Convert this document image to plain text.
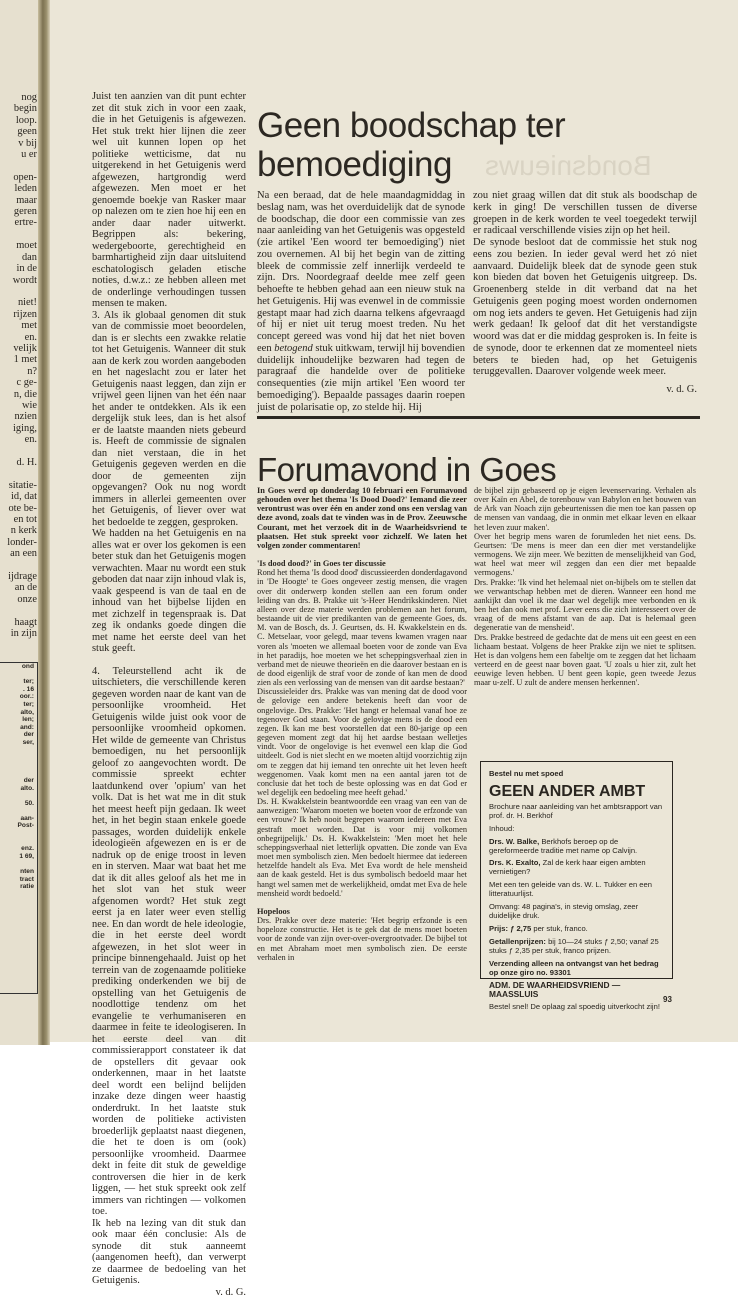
nog
begin
loop.
geen
v bij
u er

open-
leden
maar
geren
ertre-

moet
dan
in de
wordt

niet!
rijzen
met
en.
velijk
1 met
n?
c ge-
n, die
wie
nzien
iging,
en.

d. H.

sitatie-
id, dat
ote be-
en tot
n kerk
londer-
an een

ijdrage
an de
onze

haagt
in zijn

ond

ter;
. 16
oor.:
ter;
alto,
len;
and:
der
ser,

der
alto.

50.

aan-
Post-

enz.
1 69,

nten
tract
ratie
Bondsnieuws

Juist ten aanzien van dit punt echter zet dit stuk zich in voor een zaak, die in het Getuigenis is afgewezen. Het stuk trekt hier lijnen die zeer wel uit kunnen lopen op het politieke wetticisme, dat nu uitgerekend in het Getuigenis werd afgewezen, hartgrondig werd afgewezen. Men moet er het genoemde boekje van Rasker maar op nalezen om te zien hoe hij een en ander daar nader uitwerkt. Begrippen als: bekering, wedergeboorte, gerechtigheid en barmhartigheid zijn daar uitsluitend eschatologisch geladen etische noties, d.w.z.: ze hebben alleen met de onderlinge verhoudingen tussen mensen te maken.

3. Als ik globaal genomen dit stuk van de commissie moet beoordelen, dan is er slechts een zwakke relatie tot het Getuigenis. Wanneer dit stuk aan de kerk zou worden aangeboden en het nageslacht zou er later het Getuigenis naast leggen, dan zijn er vrijwel geen lijnen van het één naar het ander te ontdekken. Als ik een dergelijk stuk lees, dan is het alsof er de laatste maanden niets gebeurd is. Heeft de commissie de signalen dan niet verstaan, die in het Getuigenis gegeven werden en die door de gemeenten zijn opgevangen? Ook nu nog wordt immers in allerlei gemeenten over het Getuigenis, of liever over wat het bedoelde te zeggen, gesproken.

We hadden na het Getuigenis en na alles wat er over los gekomen is een beter stuk dan het Getuigenis mogen verwachten. Maar nu wordt een stuk geboden dat naar zijn inhoud vlak is, vaak gespeend is van de taal en de inhoud van het bijbelse lijden en met zichzelf in tegenspraak is. Dat zeg ik ondanks goede dingen die met name het eerste deel van het stuk geeft.

4. Teleurstellend acht ik de uitschieters, die verschillende keren gegeven worden naar de kant van de persoonlijke vroomheid. Het Getuigenis wilde juist ook voor de persoonlijke vroomheid opkomen. Het wilde de gemeente van Christus bemoedigen, nu het persoonlijk geloof zo aangevochten wordt. De commissie spreekt echter laatdunkend over 'opium' van het volk. Dat is het wat me in dit stuk het meest heeft pijn gedaan. Ik weet het, in het begin staan enkele goede passages, worden duidelijk enkele ideologieën afgewezen en is er de nadruk op de enige troost in leven en in sterven. Maar wat baat het me dat ik dit alles geloof als het me in het slot van het stuk weer afgenomen wordt? Het stuk zegt eerst ja en later weer even stellig nee. En dan wordt de hele ideologie, die in het eerste deel wordt afgewezen, in het slot weer in principe binnengehaald. Juist op het terrein van de zogenaamde politieke prediking onderkenden we bij de opstelling van het Getuigenis de noodlottige tendenz om het evangelie te verhumaniseren en daarmee in feite te ideologiseren. In het eerste deel van dit commissierapport constateer ik dat de opstellers dit gevaar ook onderkennen, maar in het laatste deel wordt een belijnd belijden inzake deze dingen weer haastig onderdrukt. In het laatste stuk worden de politieke activisten broederlijk geplaatst naast diegenen, die het te doen is om (ook) persoonlijke vroomheid. Daarmee dekt in feite dit stuk de geweldige controversen die hier in de kerk liggen, — het stuk spreekt ook zelf immers van richtingen — volkomen toe.

Ik heb na lezing van dit stuk dan ook maar één conclusie: Als de synode dit stuk aanneemt (aangenomen heeft), dan verwerpt ze daarmee de bedoeling van het Getuigenis.

v. d. G.

Geen boodschap ter bemoediging

Na een beraad, dat de hele maandagmiddag in beslag nam, was het overduidelijk dat de synode de boodschap, die door een commissie van zes naar aanleiding van het Getuigenis was opgesteld (zie artikel 'Een woord ter bemoediging') niet zou overnemen. Al bij het begin van de zitting bleek de commissie zelf innerlijk verdeeld te zijn. Drs. Noordegraaf deelde mee zelf geen behoefte te hebben gehad aan een nieuw stuk na het Getuigenis. Hij was evenwel in de commissie gestapt maar had zich daarna telkens afgevraagd of hij er niet uit terug moest treden. Nu het concept gereed was vond hij dat het niet boven een betogend stuk uitkwam, terwijl hij bovendien duidelijk inhoudelijke bezwaren had tegen de paragraaf die handelde over de politieke consequenties (zie mijn artikel 'Een woord ter bemoediging'). Bepaalde passages daarin roepen juist de polarisatie op, zo stelde hij. Hij

zou niet graag willen dat dit stuk als boodschap de kerk in ging! De verschillen tussen de diverse groepen in de kerk worden te veel toegedekt terwijl er radicaal verschillende visies zijn op het heil.

De synode besloot dat de commissie het stuk nog eens zou bezien. In ieder geval werd het zó niet aanvaard. Duidelijk bleek dat de synode geen stuk kon bieden dat boven het Getuigenis uitgreep. Ds. Groenenberg stelde in dit verband dat na het Getuigenis geen poging moest worden ondernomen om nog iets anders te geven. Het Getuigenis had zijn werk gedaan! Ik geloof dat dit het verstandigste woord was dat er die middag gesproken is. In feite is de synode, door te erkennen dat ze momenteel niets beters te bieden had, op het Getuigenis teruggevallen. Daarover volgende week meer.

v. d. G.

Forumavond in Goes

In Goes werd op donderdag 10 februari een Forumavond gehouden over het thema 'Is Dood Dood?' Iemand die zeer verontrust was over één en ander zond ons een verslag van deze avond, zoals dat te vinden was in de Prov. Zeeuwsche Courant, met het verzoek dit in de Waarheidsvriend te plaatsen. Het stuk spreekt voor zichzelf. We laten het volgen zonder commentaren!

'Is dood dood?' in Goes ter discussie

Rond het thema 'Is dood dood' discussieerden donderdagavond in 'De Hoogte' te Goes ongeveer zestig mensen, die vragen over dit onderwerp konden stellen aan een forum onder leiding van drs. B. Prakke uit 's-Heer Hendrikskinderen. Niet alleen over deze materie werden problemen aan het forum, bestaande uit de vier predikanten van de gemeente Goes, ds. M. van de Bosch, ds. J. Geurtsen, ds. H. Kwakkelstein en ds. C. Metselaar, voor gelegd, maar tevens kwamen vragen naar voren als 'moeten we allemaal boeten voor de zonde van Eva in het paradijs, hoe moeten we het scheppingsverhaal zien in verband met de nieuwe theorieën en die daarover bestaan en is de dood eigenlijk de straf voor de zonde of kan men de dood zien als een verlossing van de mensen van dit aardse bestaan?'

Discussieleider drs. Prakke was van mening dat de dood voor de gelovige een andere betekenis heeft dan voor de ongelovige. Drs. Prakke: 'Het hangt er helemaal vanaf hoe ze tegenover God staan. Voor de gelovige mens is de dood een zegen. Ik kan me best voorstellen dat een 80-jarige op een gegeven moment zegt dat hij het aardse bestaan welletjes vindt. Voor de ongelovige is het evenwel een klap die God uitdeelt. God is niet slecht en we moeten altijd voorzichtig zijn om te zeggen dat hij iemand ten onrechte uit het leven heeft weggenomen. Vaak komt men na een aantal jaren tot de conclusie dat het toch de beste oplossing was en dat God er wel degelijk een bedoeling mee heeft gehad.'

Ds. H. Kwakkelstein beantwoordde een vraag van een van de aanwezigen: 'Waarom moeten we boeten voor de erfzonde van een vrouw? Ik heb nooit begrepen waarom iedereen met Eva gestraft moet worden. Dat is voor mij volkomen onbegrijpelijk.' Ds. H. Kwakkelstein: 'Men moet het hele scheppingsverhaal niet letterlijk opvatten. Die zonde van Eva moet men symbolisch zien. Men bedoelt hiermee dat iedereen hetzelfde handelt als Eva. Met Eva wordt de hele mensheid aan de kaak gesteld. Het is dus symbolisch bedoeld maar het hangt wel samen met de werkelijkheid, omdat met Eva de hele mensheid wordt bedoeld.'

Hopeloos

Drs. Prakke over deze materie: 'Het begrip erfzonde is een hopeloze constructie. Het is te gek dat de mens moet boeten voor de zonde van zijn over-over-overgrootvader. De bijbel tot en met Abraham moet men symbolisch zien. De eerste verhalen in

de bijbel zijn gebaseerd op je eigen levenservaring. Verhalen als over Kaïn en Abel, de torenbouw van Babylon en het bouwen van de Ark van Noach zijn gebeurtenissen die men toe kan passen op de mensen van vandaag, die in onmin met elkaar leven en elkaar het leven zuur maken'.

Over het begrip mens waren de forumleden het niet eens. Ds. Geurtsen: 'De mens is meer dan een dier met verstandelijke vermogens. We zijn meer. We bezitten de menselijkheid van God, wat heel wat meer wil zeggen dan een dier met bepaalde vermogens.'

Drs. Prakke: 'Ik vind het helemaal niet on-bijbels om te stellen dat we verwantschap hebben met de dieren. Wanneer een hond me aankijkt dan voel ik me daar wel degelijk mee verbonden en ik ben het dan ook met prof. Lever eens die zich interesseert over de vraag of de mens afstamt van de aap. Dat is helemaal geen degeneratie van de mensheid'.

Drs. Prakke bestreed de gedachte dat de mens uit een geest en een lichaam bestaat. Volgens de heer Prakke zijn we niet te splitsen. Het is dan volgens hem een fabeltje om te zeggen dat het lichaam verteerd en de geest naar boven gaat. 'U zoals u hier zit, zult het eeuwige leven hebben. U bent geen kopie, geen tweede Jezus maar u-zelf. U zult de andere mensen herkennen'.

Bestel nu met spoed

GEEN ANDER AMBT

Brochure naar aanleiding van het ambtsrapport van prof. dr. H. Berkhof

Inhoud:

Drs. W. Balke, Berkhofs beroep op de gereformeerde traditie met name op Calvijn.

Drs. K. Exalto, Zal de kerk haar eigen ambten vernietigen?

Met een ten geleide van ds. W. L. Tukker en een litteratuurlijst.

Omvang: 48 pagina's, in stevig omslag, zeer duidelijke druk.

Prijs: ƒ 2,75 per stuk, franco.

Getallenprijzen: bij 10—24 stuks ƒ 2,50; vanaf 25 stuks ƒ 2,35 per stuk, franco prijzen.

Verzending alleen na ontvangst van het bedrag op onze giro no. 93301

ADM. DE WAARHEIDSVRIEND — MAASSLUIS

Bestel snel! De oplaag zal spoedig uitverkocht zijn!

93
